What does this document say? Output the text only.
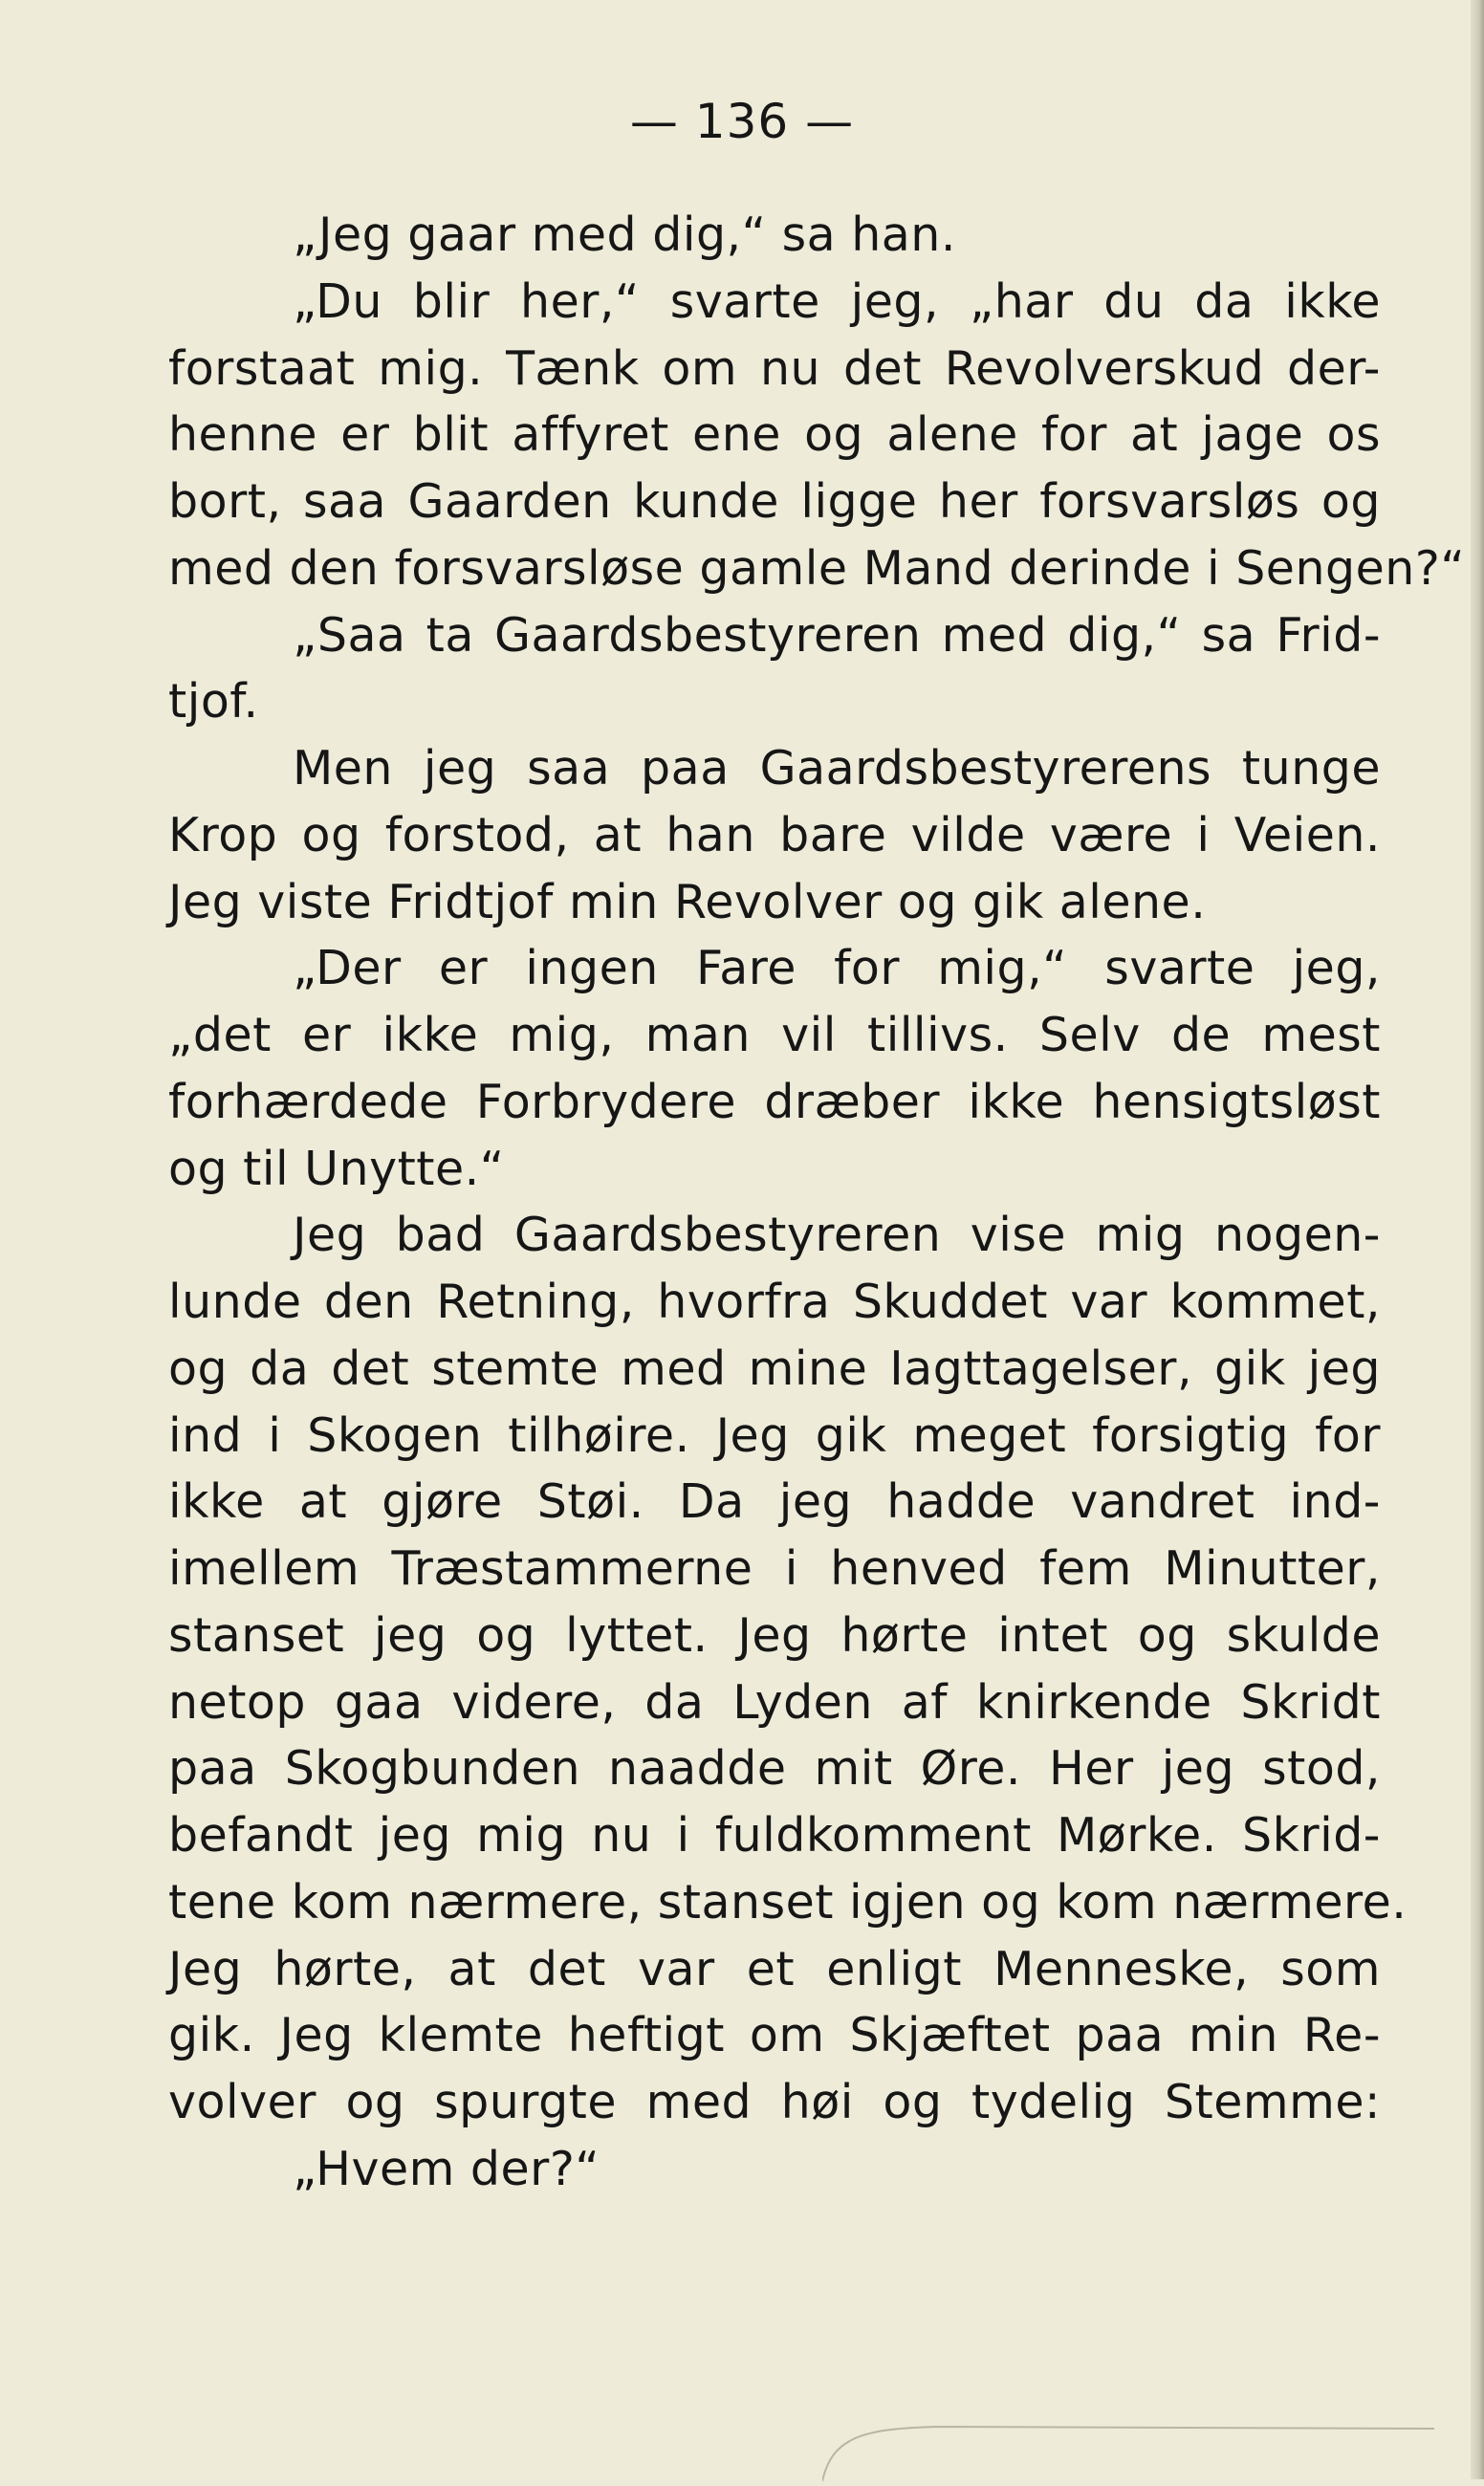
— 136 —
„Jeg gaar med dig,“ sa han.
„Du blir her,“ svarte jeg, „har du da ikke
forstaat mig. Tænk om nu det Revolverskud der-
henne er blit affyret ene og alene for at jage os
bort, saa Gaarden kunde ligge her forsvarsløs og
med den forsvarsløse gamle Mand derinde i Sengen?“
„Saa ta Gaardsbestyreren med dig,“ sa Frid-
tjof.
Men jeg saa paa Gaardsbestyrerens tunge
Krop og forstod, at han bare vilde være i Veien.
Jeg viste Fridtjof min Revolver og gik alene.
„Der er ingen Fare for mig,“ svarte jeg,
„det er ikke mig, man vil tillivs. Selv de mest
forhærdede Forbrydere dræber ikke hensigtsløst
og til Unytte.“
Jeg bad Gaardsbestyreren vise mig nogen-
lunde den Retning, hvorfra Skuddet var kommet,
og da det stemte med mine Iagttagelser, gik jeg
ind i Skogen tilhøire. Jeg gik meget forsigtig for
ikke at gjøre Støi. Da jeg hadde vandret ind-
imellem Træstammerne i henved fem Minutter,
stanset jeg og lyttet. Jeg hørte intet og skulde
netop gaa videre, da Lyden af knirkende Skridt
paa Skogbunden naadde mit Øre. Her jeg stod,
befandt jeg mig nu i fuldkomment Mørke. Skrid-
tene kom nærmere, stanset igjen og kom nærmere.
Jeg hørte, at det var et enligt Menneske, som
gik. Jeg klemte heftigt om Skjæftet paa min Re-
volver og spurgte med høi og tydelig Stemme:
„Hvem der?“
